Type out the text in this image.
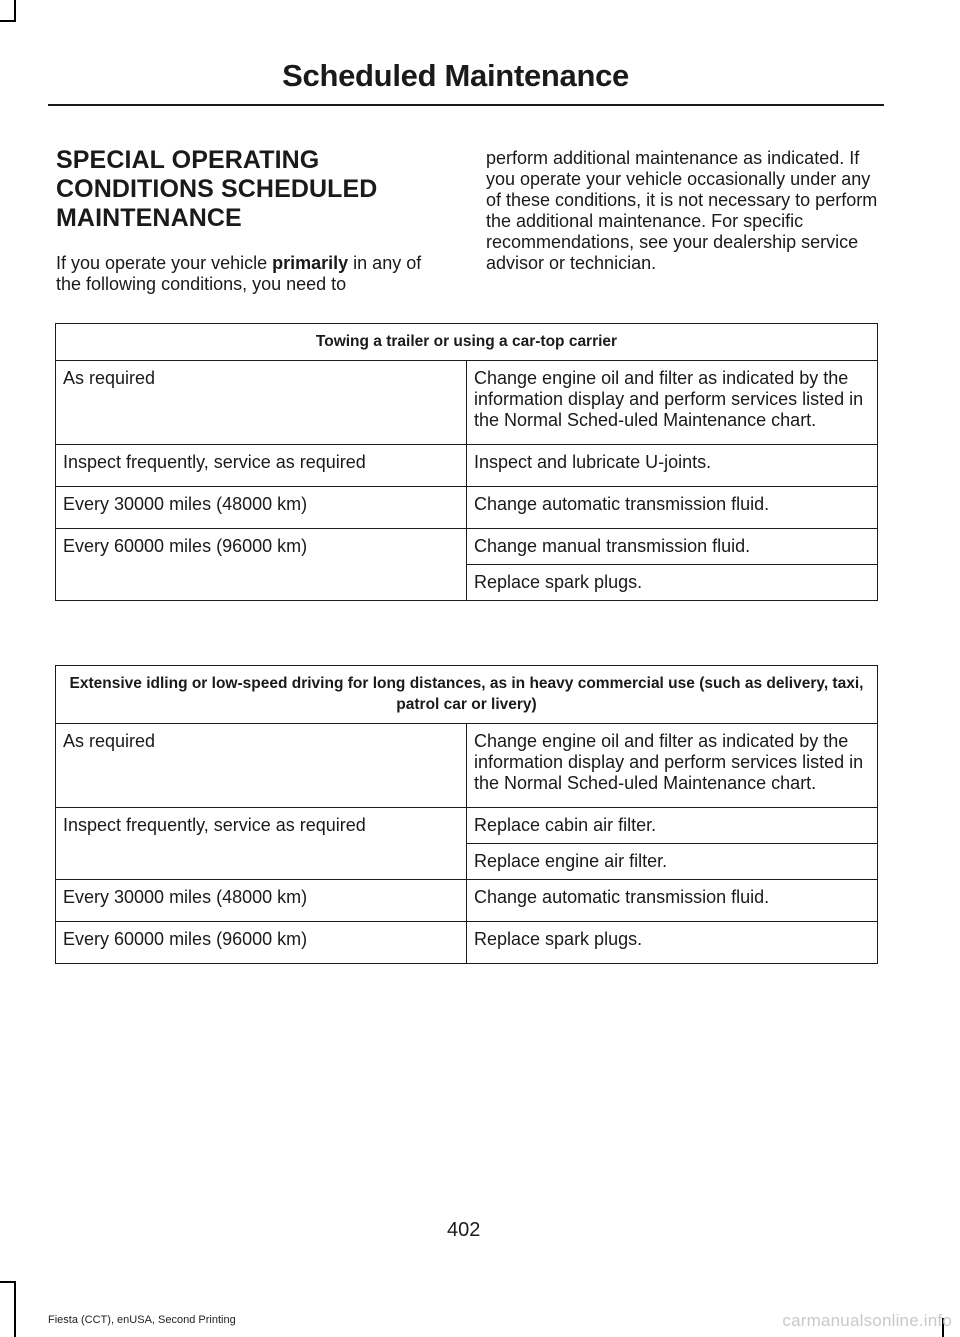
Scheduled Maintenance
SPECIAL OPERATING
CONDITIONS SCHEDULED
MAINTENANCE

If you operate your vehicle primarily in any of the following conditions, you need to

perform additional maintenance as indicated. If you operate your vehicle occasionally under any of these conditions, it is not necessary to perform the additional maintenance. For specific recommendations, see your dealership service advisor or technician.

Towing a trailer or using a car-top carrier	
As required	Change engine oil and filter as indicated by the information display and perform services listed in the Normal Sched-uled Maintenance chart.
Inspect frequently, service as required	Inspect and lubricate U-joints.
Every 30000 miles (48000 km)	Change automatic transmission fluid.
Every 60000 miles (96000 km)	Change manual transmission fluid.
	Replace spark plugs.
Extensive idling or low-speed driving for long distances, as in heavy commercial use (such as delivery, taxi, patrol car or livery)	
As required	Change engine oil and filter as indicated by the information display and perform services listed in the Normal Sched-uled Maintenance chart.
Inspect frequently, service as required	Replace cabin air filter.
	Replace engine air filter.
Every 30000 miles (48000 km)	Change automatic transmission fluid.
Every 60000 miles (96000 km)	Replace spark plugs.
402
Fiesta (CCT), enUSA, Second Printing	carmanualsonline.info
